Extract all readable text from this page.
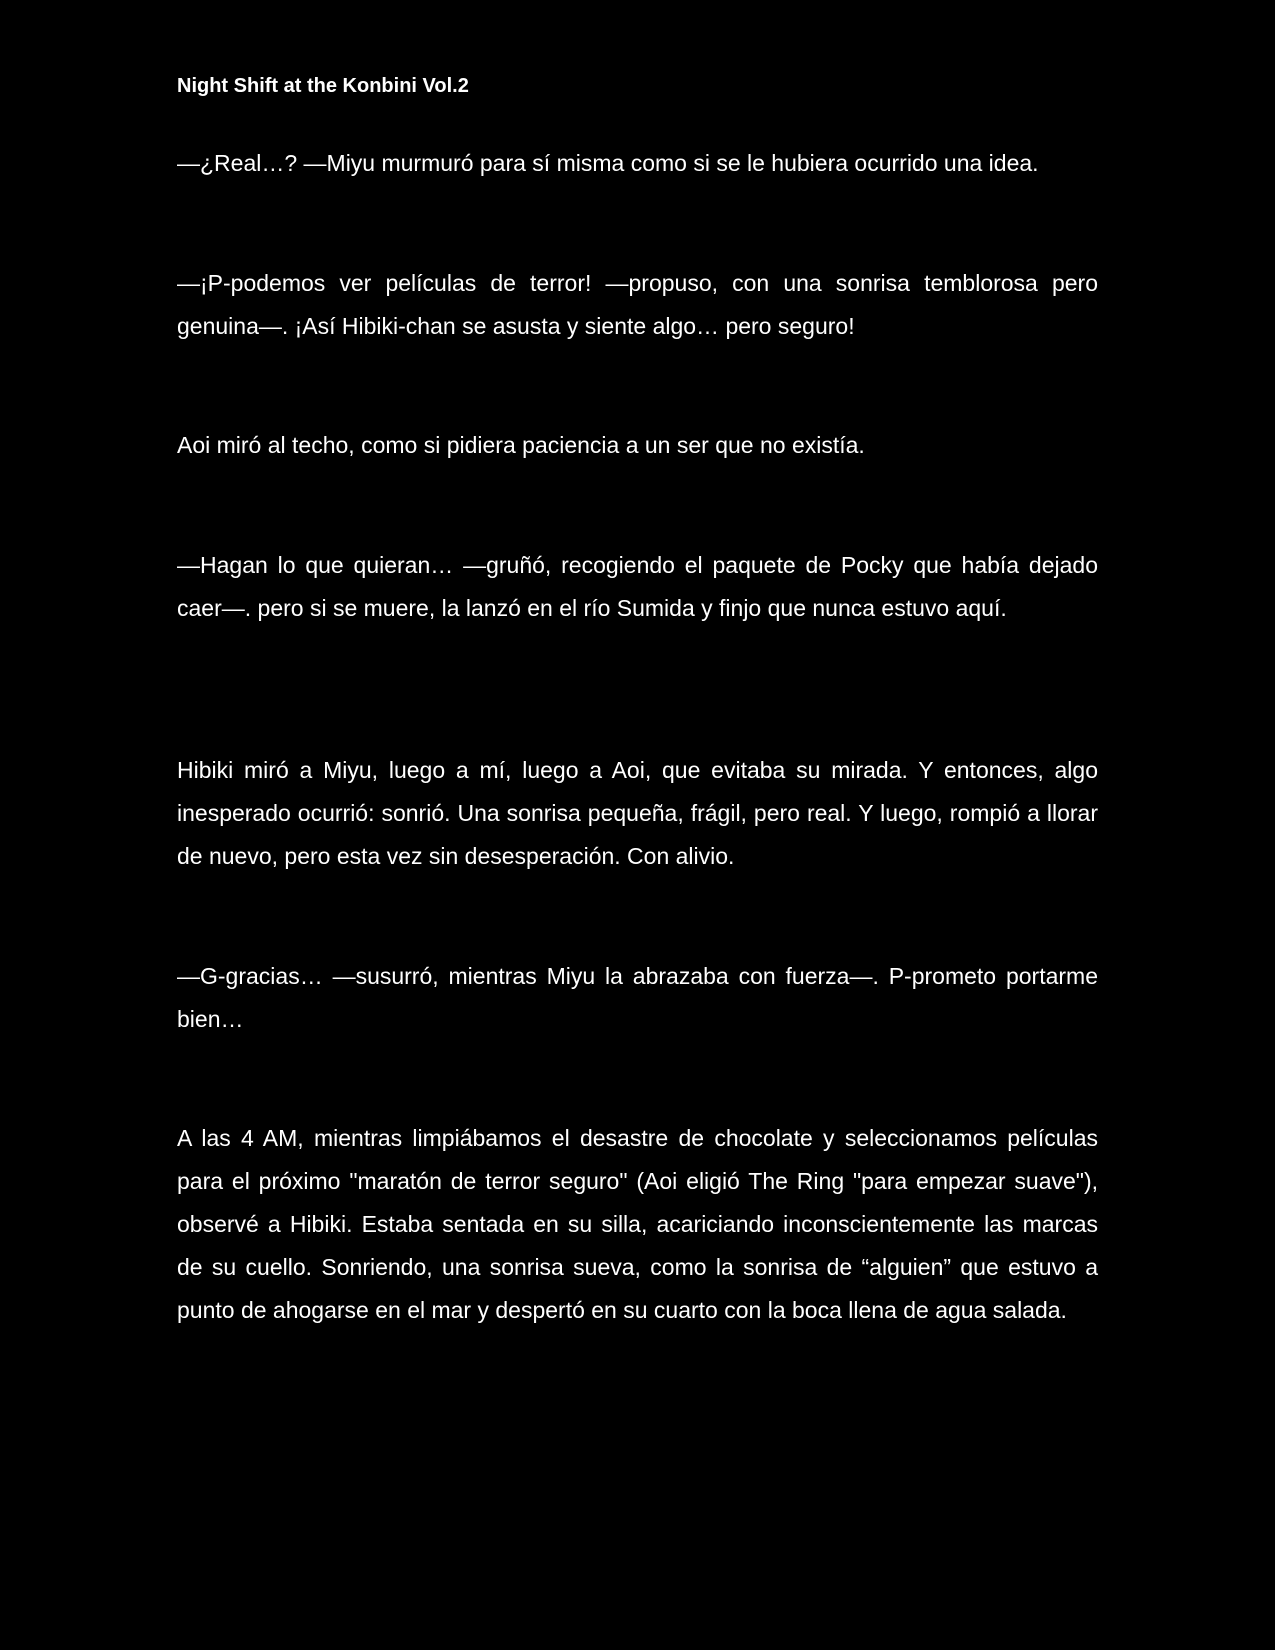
Night Shift at the Konbini Vol.2

—¿Real…? —Miyu murmuró para sí misma como si se le hubiera ocurrido una idea.

—¡P-podemos ver películas de terror! —propuso, con una sonrisa temblorosa pero genuina—. ¡Así Hibiki-chan se asusta y siente algo… pero seguro!

Aoi miró al techo, como si pidiera paciencia a un ser que no existía.

—Hagan lo que quieran… —gruñó, recogiendo el paquete de Pocky que había dejado caer—. pero si se muere, la lanzó en el río Sumida y finjo que nunca estuvo aquí.

Hibiki miró a Miyu, luego a mí, luego a Aoi, que evitaba su mirada. Y entonces, algo inesperado ocurrió: sonrió. Una sonrisa pequeña, frágil, pero real. Y luego, rompió a llorar de nuevo, pero esta vez sin desesperación. Con alivio.

—G-gracias… —susurró, mientras Miyu la abrazaba con fuerza—. P-prometo portarme bien…

A las 4 AM, mientras limpiábamos el desastre de chocolate y seleccionamos películas para el próximo "maratón de terror seguro" (Aoi eligió The Ring "para empezar suave"), observé a Hibiki. Estaba sentada en su silla, acariciando inconscientemente las marcas de su cuello. Sonriendo, una sonrisa sueva, como la sonrisa de “alguien” que estuvo a punto de ahogarse en el mar y despertó en su cuarto con la boca llena de agua salada.
